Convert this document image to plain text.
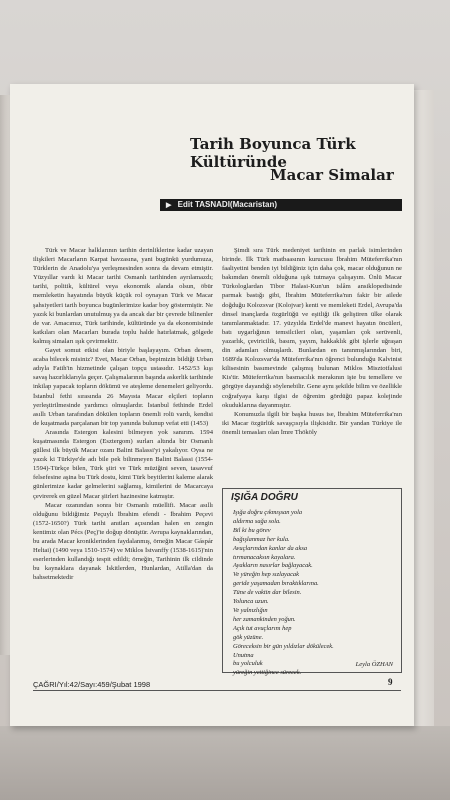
Tarih Boyunca Türk Kültüründe
Macar Simalar
▶ Edit TASNADI(Macaristan)

Türk ve Macar halklarının tarihin derinliklerine kadar uzayan ilişkileri Macarların Karpat havzasına, yani bugünkü yurdumuza, Türklerin de Anadolu'ya yerleşmesinden sonra da devam etmiştir. Yüzyıllar vardı ki Macar tarihi Osmanlı tarihinden ayrılamazdı; tarihi, politik, kültürel veya ekonomik alanda olsun, öbür memleketin hayatında büyük küçük rol oynayan Türk ve Macar şahsiyetleri tarih boyunca bugünlerimize kadar boy göstermiştir. Ne yazık ki bunlardan unutulmuş ya da ancak dar bir çevrede bilinenler de var. Amacımız, Türk tarihinde, kültüründe ya da ekonomisinde katkıları olan Macarları burada toplu halde hatırlatmak, gölgede kalmış simaları ışık çevirmektir.

Gayet somut etkisi olan biriyle başlayayım. Orban desem, acaba bilecek misiniz? Evet, Macar Orban, bepimizin bildiği Urban adıyla Fatih'in hizmetinde çalışan topçu ustasıdır. 1452/53 kışı savaş hazırlıklarıyla geçer. Çalışmalarının başında askerlik tarihinde inkilap yapacak topların dökümü ve ateşleme denemeleri geliyordu. İstanbul fethi sırasında 26 Mayısta Macar elçileri topların yerleştirilmesinde yardımcı olmuşlardır. İstanbul fethinde Erdel asıllı Urban tarafından dökülen topların önemli rolü vardı, kendisi de kuşatmada parçalanan bir top yanında bulunup vefat etti (1453)

Arasında Estergon kalesini bilmeyen yok sanırım. 1594 kuşatmasında Estergon (Esztergom) surları altında bir Osmanlı güllesi ilk büyük Macar ozanı Balint Balassi'yi yakalıyor. Oysa ne yazık ki Türkiye'de adı bile pek bilinmeyen Balint Balassi (1554-1594)-Türkçe bilen, Türk şiiri ve Türk müziğini seven, tasavvuf felsefesine aşina bu Türk dostu, kimi Türk beyitlerini kaleme alarak günlerimize kadar gelmelerini sağlamış, kimilerini de Macarcaya çevirerek en güzel Macar şiirleri hazinesine katmıştır.

Macar ozanından sonra bir Osmanlı müellifi. Macar asıllı olduğunu bildiğimiz Peçuylı İbrahim efendi - İbrahim Peçevi (1572-1650?) Türk tarihi anıtları açısından halen en zengin kentimiz olan Pécs (Peç)'te doğup dönüştür. Avrupa kaynaklarından, bu arada Macar kroniklerinden faydalanmış, örneğin Macar Gáspár Heltai) (1490 veya 1510-1574) ve Miklos İstvanffy (1538-1615)'nin eserlerinden kullandığı tespit edildi; örneğin, Tarihinin ilk cildinde bu kaynaklara dayanak İskitlerden, Hunlardan, Atilla'dan da bahsetmektedir

Şimdi sıra Türk medeniyet tarihinin en parlak isimlerinden birinde. İlk Türk matbaasının kurucusu İbrahim Müteferrika'nın faaliyetini benden iyi bildiğiniz için daha çok, macar olduğunun ne bakımdan önemli olduğuna ışık tutmaya çalışayım. Ünlü Macar Türkologlardan Tibor Halasi-Kun'un islâm ansiklopedisinde parmak bastığı gibi, İbrahim Müteferrika'nın fakir bir ailede doğduğu Kolozsvar (Kolojvar) kenti ve memleketi Erdel, Avrupa'da dinsel inançlarda özgürlüğü ve eşitliği ilk geliştiren ülke olarak tanımlanmaktadır. 17. yüzyılda Erdel'de manevi hayatın öncüleri, batı uygarlığının temsilcileri olan, yaşamları çok serüvenli, yazarlık, çeviricilik, basım, yayım, hakkaklık gibi işlerle uğraşan din adamları olmuşlardı. Bunlardan en tanınmışlarından biri, 1689'da Kolozsvar'da Müteferrika'nın öğrenci bulunduğu Kalvinist kilisesinin basımevinde çalışmış bulunan Miklos Misztotfalusi Kis'tir. Müteferrika'nın basmacılık merakının işte bu temellere ve görgüye dayandığı söylenebilir. Gene aynı şekilde bilim ve özellikle coğrafyaya karşı ilgisi de öğrenim gördüğü papaz kolejinde okuduklarına dayanmıştır.

Konumuzla ilgili bir başka husus ise, İbrahim Müteferrika'nın iki Macar özgürlük savaşçısıyla ilişkisidir. Bir yandan Türkiye ile önemli temasları olan İmre Thököly

IŞIĞA DOĞRU
Işığa doğru çıkmışsan yola
aldırma sağa sola.
Bil ki bu görev
bağışlanmaz her kula.
Avuçlarından kanlar da aksa
tırmanacaksın kayalara.
Ayakların nasırlar bağlayacak.
Ve yüreğin hep sızlayacak
geride yaşamadan bıraktıklarına.
Tüne de vaktin dar bilesin.
Yolunca uzun.
Ve yalnızlığın
her zamankinden yoğun.
Açık tut avuçlarını hep
gök yüzüne.
Göreceksin bir gün yıldızlar dökülecek.
Unutma
bu yolculuk
yüreğin yettiğince sürecek.
Leyla ÖZHAN
ÇAĞRI/Yıl:42/Sayı:459/Şubat 1998	9
